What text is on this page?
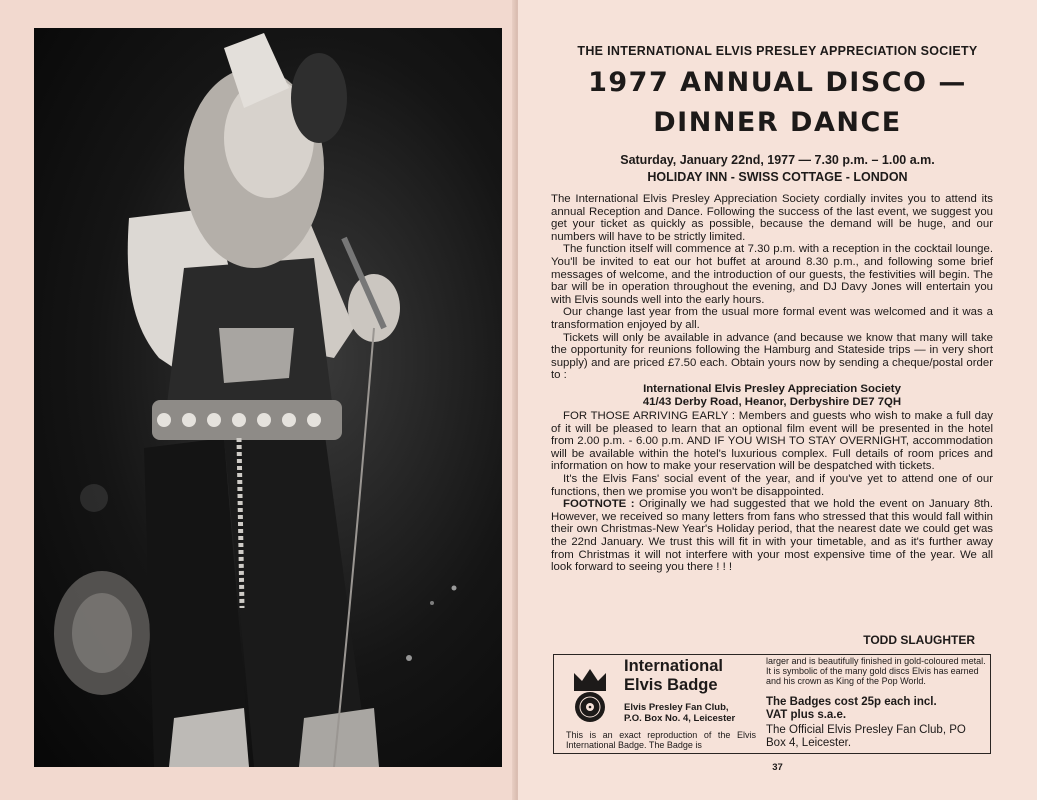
THE INTERNATIONAL ELVIS PRESLEY APPRECIATION SOCIETY
1977 ANNUAL DISCO —
DINNER DANCE
Saturday, January 22nd, 1977 — 7.30 p.m. – 1.00 a.m.
HOLIDAY INN - SWISS COTTAGE - LONDON

The International Elvis Presley Appreciation Society cordially invites you to attend its annual Reception and Dance. Following the success of the last event, we suggest you get your ticket as quickly as possible, because the demand will be huge, and our numbers will have to be strictly limited.

The function itself will commence at 7.30 p.m. with a reception in the cocktail lounge. You'll be invited to eat our hot buffet at around 8.30 p.m., and following some brief messages of welcome, and the introduction of our guests, the festivities will begin. The bar will be in operation throughout the evening, and DJ Davy Jones will entertain you with Elvis sounds well into the early hours.

Our change last year from the usual more formal event was welcomed and it was a transformation enjoyed by all.

Tickets will only be available in advance (and because we know that many will take the opportunity for reunions following the Hamburg and Stateside trips — in very short supply) and are priced £7.50 each. Obtain yours now by sending a cheque/postal order to :

International Elvis Presley Appreciation Society
41/43 Derby Road, Heanor, Derbyshire DE7 7QH

FOR THOSE ARRIVING EARLY : Members and guests who wish to make a full day of it will be pleased to learn that an optional film event will be presented in the hotel from 2.00 p.m. - 6.00 p.m. AND IF YOU WISH TO STAY OVERNIGHT, accommodation will be available within the hotel's luxurious complex. Full details of room prices and information on how to make your reservation will be despatched with tickets.

It's the Elvis Fans' social event of the year, and if you've yet to attend one of our functions, then we promise you won't be disappointed.

FOOTNOTE : Originally we had suggested that we hold the event on January 8th. However, we received so many letters from fans who stressed that this would fall within their own Christmas-New Year's Holiday period, that the nearest date we could get was the 22nd January. We trust this will fit in with your timetable, and as it's further away from Christmas it will not interfere with your most expensive time of the year. We all look forward to seeing you there ! ! !

TODD SLAUGHTER
International
Elvis Badge
Elvis Presley Fan Club,
P.O. Box No. 4, Leicester
This is an exact reproduction of the Elvis International Badge. The Badge is
larger and is beautifully finished in gold-coloured metal. It is symbolic of the many gold discs Elvis has earned and his crown as King of the Pop World.
The Badges cost 25p each incl.
VAT plus s.a.e.
The Official Elvis Presley Fan Club, PO Box 4, Leicester.
37
